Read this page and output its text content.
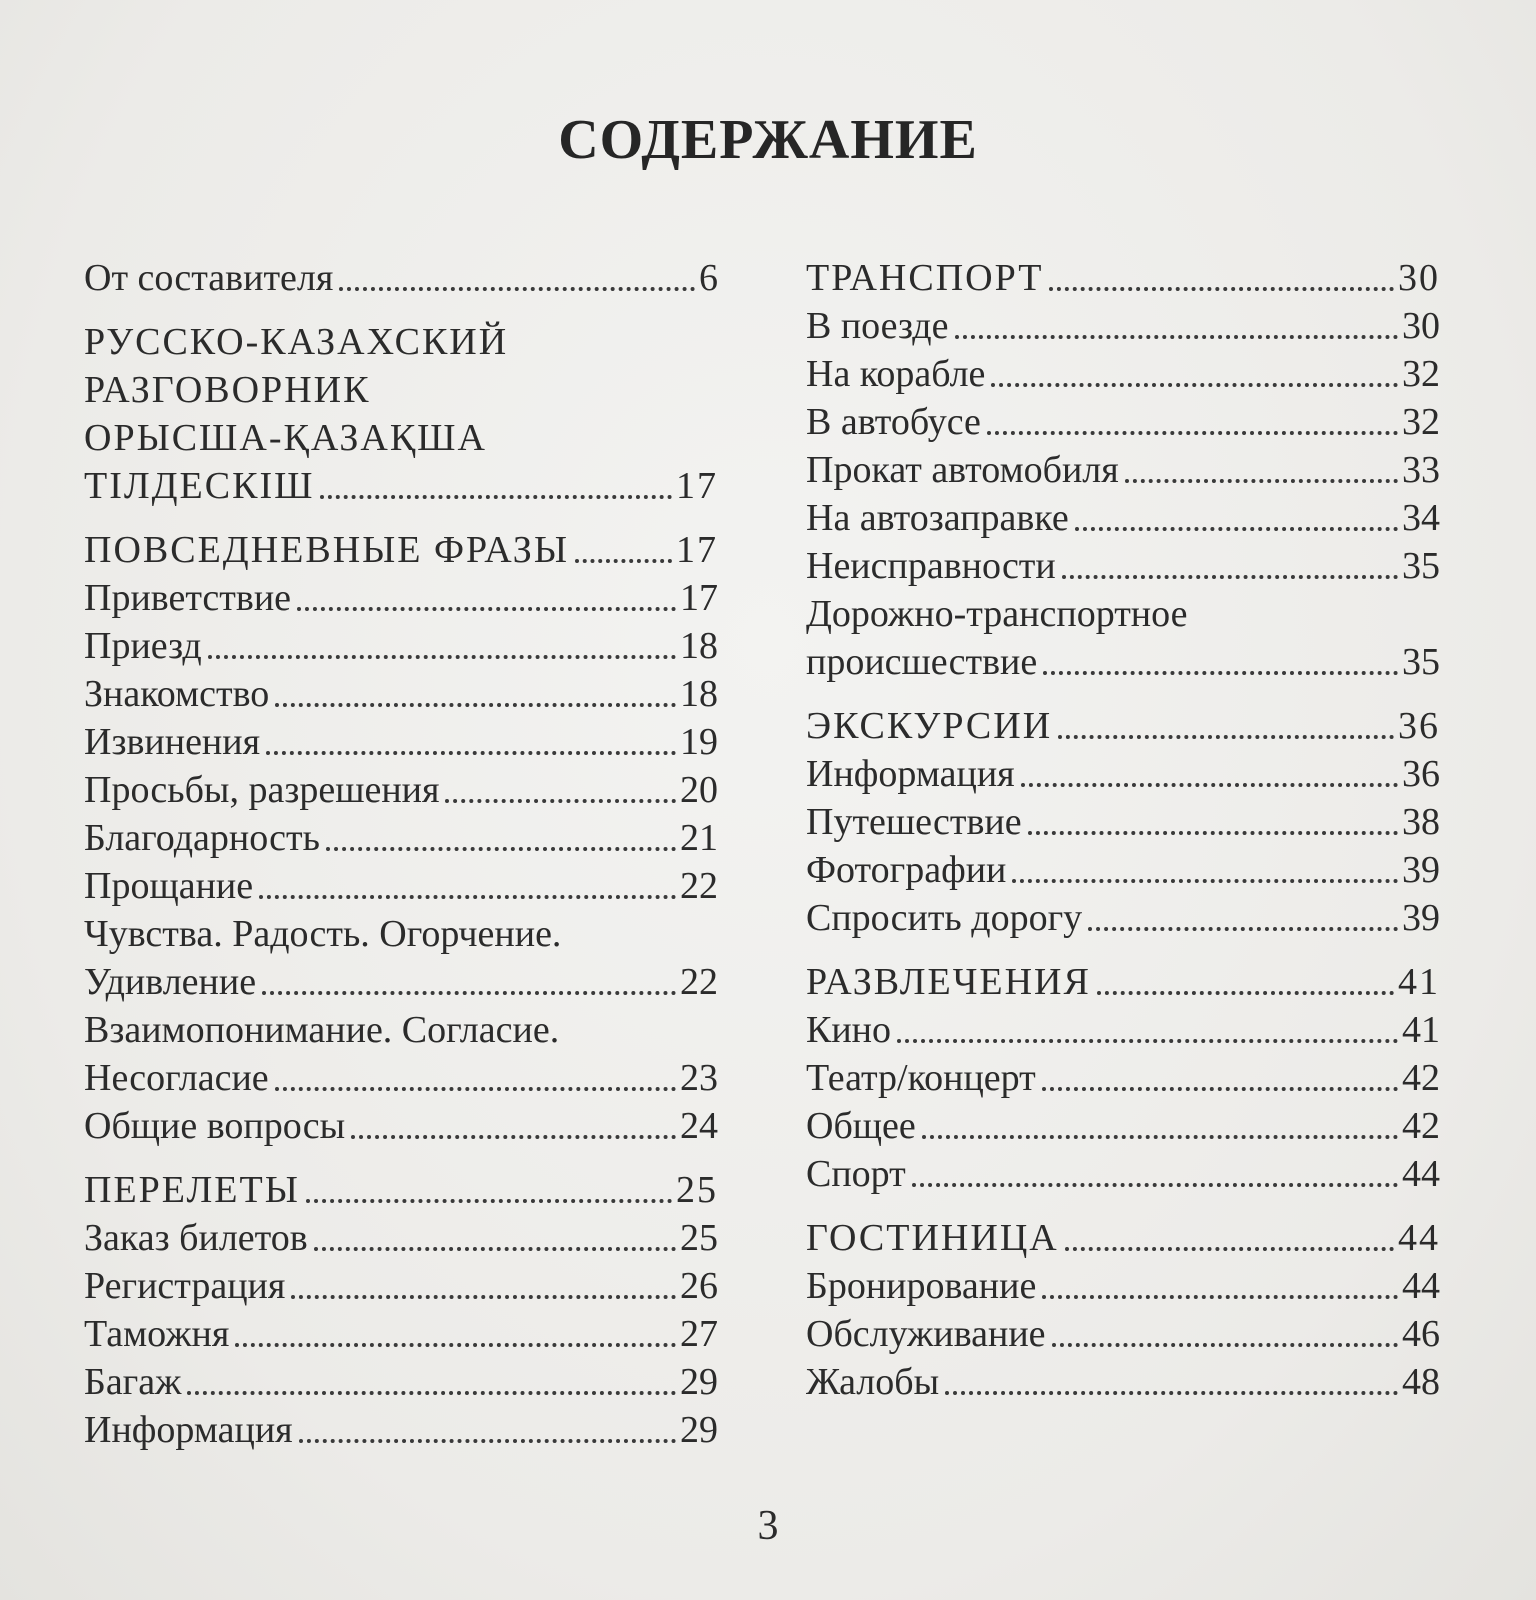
СОДЕРЖАНИЕ
От составителя	6
РУССКО-КАЗАХСКИЙ
РАЗГОВОРНИК
ОРЫСША-ҚАЗАҚША
ТІЛДЕСКІШ	17
ПОВСЕДНЕВНЫЕ ФРАЗЫ	17
Приветствие	17
Приезд	18
Знакомство	18
Извинения	19
Просьбы, разрешения	20
Благодарность	21
Прощание	22
Чувства. Радость. Огорчение.
Удивление	22
Взаимопонимание. Согласие.
Несогласие	23
Общие вопросы	24
ПЕРЕЛЕТЫ	25
Заказ билетов	25
Регистрация	26
Таможня	27
Багаж	29
Информация	29
ТРАНСПОРТ	30
В поезде	30
На корабле	32
В автобусе	32
Прокат автомобиля	33
На автозаправке	34
Неисправности	35
Дорожно-транспортное
происшествие	35
ЭКСКУРСИИ	36
Информация	36
Путешествие	38
Фотографии	39
Спросить дорогу	39
РАЗВЛЕЧЕНИЯ	41
Кино	41
Театр/концерт	42
Общее	42
Спорт	44
ГОСТИНИЦА	44
Бронирование	44
Обслуживание	46
Жалобы	48
3
